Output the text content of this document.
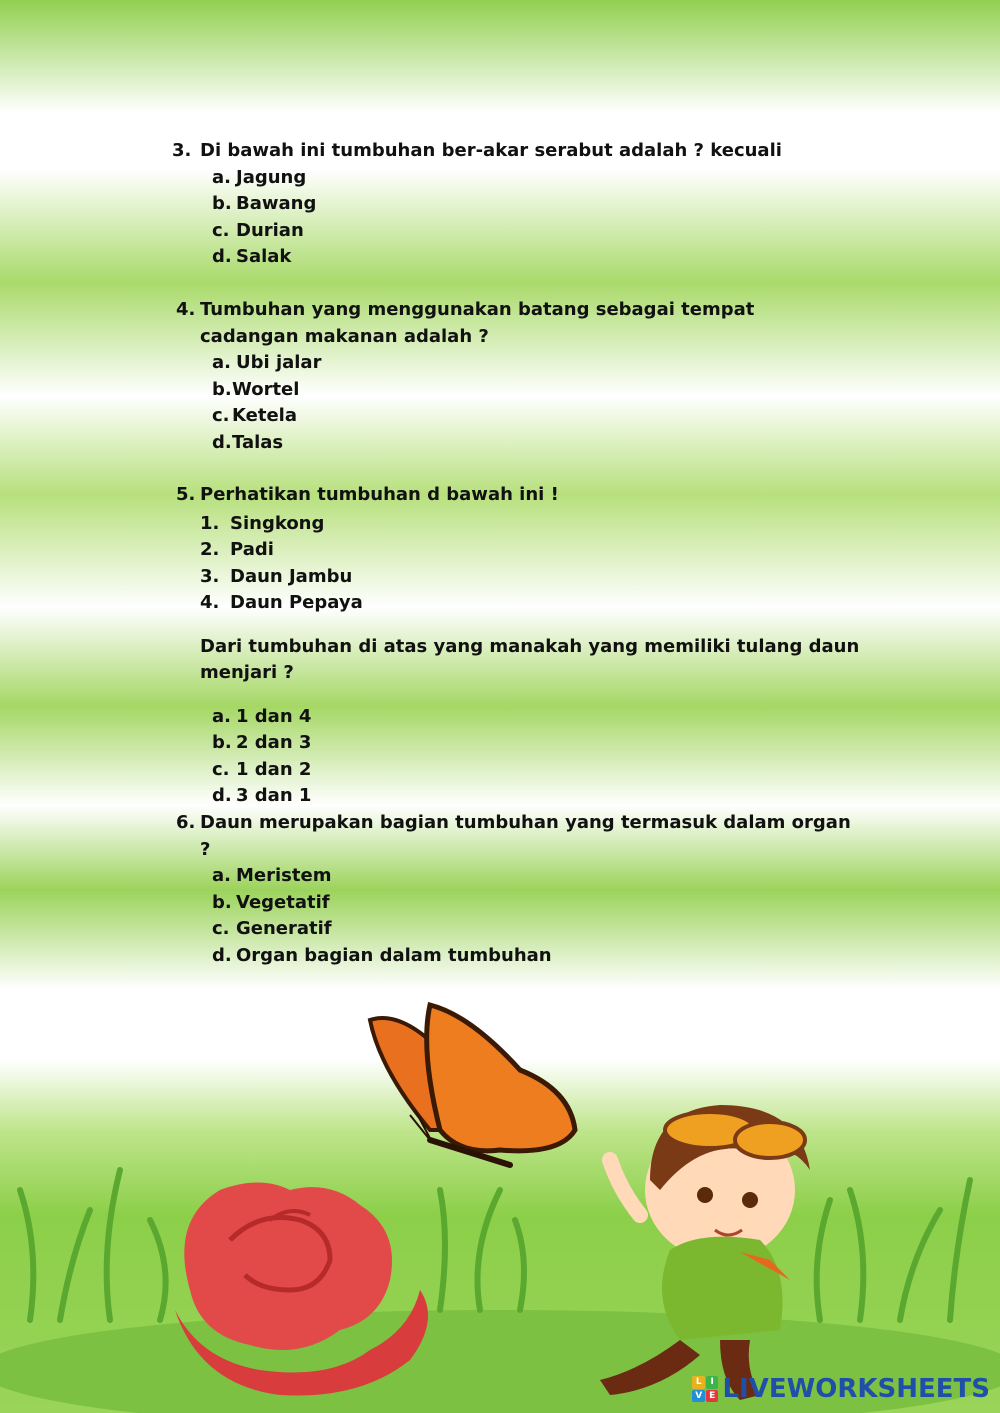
3. Di bawah ini tumbuhan ber-akar serabut adalah ? kecuali
a. Jagung
b. Bawang
c. Durian
d. Salak
4. Tumbuhan yang menggunakan batang sebagai tempat
cadangan makanan adalah ?
a. Ubi jalar
b.Wortel
c. Ketela
d.Talas
5. Perhatikan tumbuhan d bawah ini !
1. Singkong
2. Padi
3. Daun Jambu
4. Daun Pepaya
Dari tumbuhan di atas yang manakah yang memiliki tulang daun
menjari ?
a. 1 dan 4
b. 2 dan 3
c. 1 dan 2
d. 3 dan 1
6. Daun merupakan bagian tumbuhan yang termasuk dalam organ
?
a. Meristem
b. Vegetatif
c. Generatif
d. Organ bagian dalam tumbuhan
L I
V E LIVEWORKSHEETS
